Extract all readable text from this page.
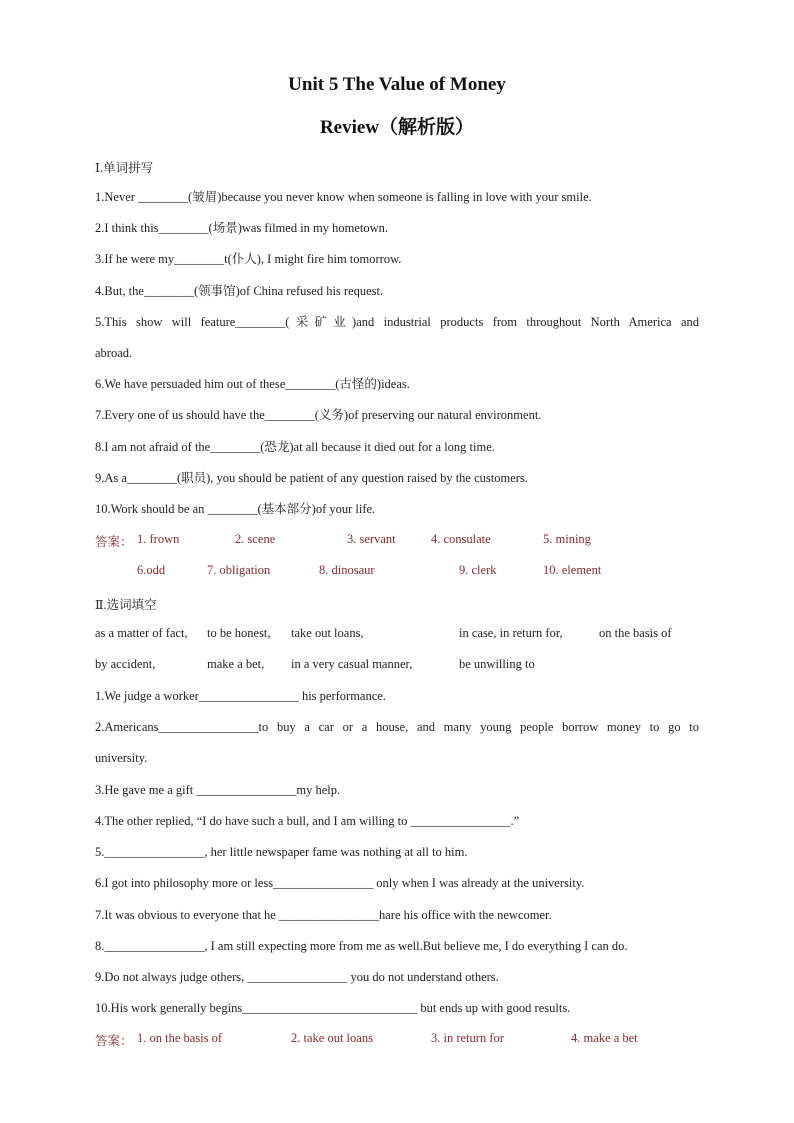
Unit 5 The Value of Money
Review（解析版）
Ⅰ.单词拼写
1.Never ________(皱眉)because you never know when someone is falling in love with your smile.
2.I think this________(场景)was filmed in my hometown.
3.If he were my________t(仆人), I might fire him tomorrow.
4.But, the________(领事馆)of China refused his request.
5.This show will feature________(采矿业)and industrial products from throughout North America and
abroad.
6.We have persuaded him out of these________(古怪的)ideas.
7.Every one of us should have the________(义务)of preserving our natural environment.
8.I am not afraid of the________(恐龙)at all because it died out for a long time.
9.As a________(职员), you should be patient of any question raised by the customers.
10.Work should be an ________(基本部分)of your life.
答案： 1. frown	2. scene	3. servant	4. consulate	5. mining
6.odd	7. obligation	8. dinosaur	9. clerk	10. element
Ⅱ.选词填空
as a matter of fact, to be honest, take out loans,	in case, in return for,	on the basis of
by accident,	make a bet, in a very casual manner,	be unwilling to
1.We judge a worker________________ his performance.
2.Americans________________to buy a car or a house, and many young people borrow money to go to
university.
3.He gave me a gift ________________my help.
4.The other replied, “I do have such a bull, and I am willing to ________________.”
5.________________, her little newspaper fame was nothing at all to him.
6.I got into philosophy more or less________________ only when I was already at the university.
7.It was obvious to everyone that he ________________hare his office with the newcomer.
8.________________, I am still expecting more from me as well.But believe me, I do everything I can do.
9.Do not always judge others, ________________ you do not understand others.
10.His work generally begins____________________________ but ends up with good results.
答案： 1. on the basis of	2. take out loans	3. in return for	4. make a bet
